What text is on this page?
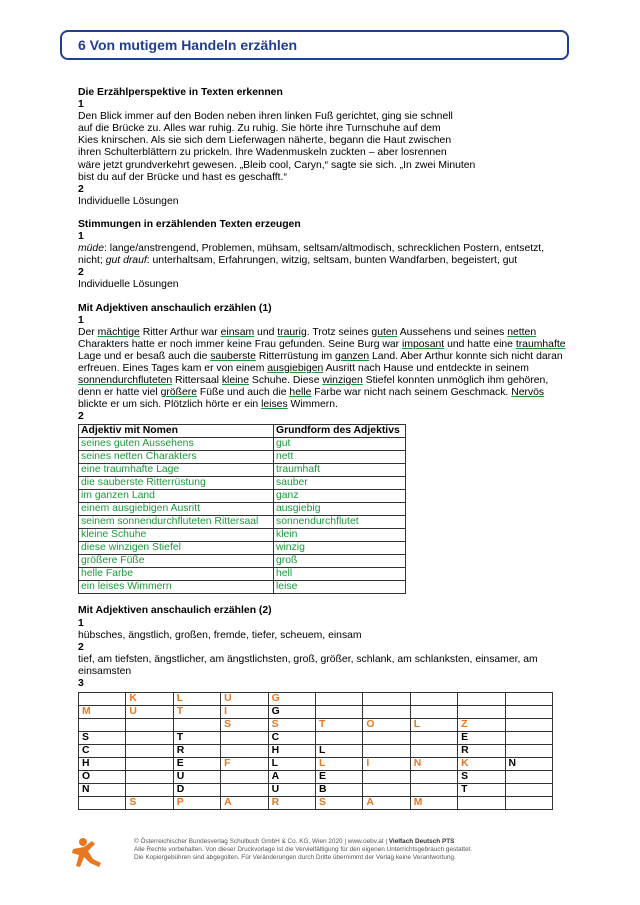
6 Von mutigem Handeln erzählen
Die Erzählperspektive in Texten erkennen
1

Den Blick immer auf den Boden neben ihren linken Fuß gerichtet, ging sie schnell

auf die Brücke zu. Alles war ruhig. Zu ruhig. Sie hörte ihre Turnschuhe auf dem

Kies knirschen. Als sie sich dem Lieferwagen näherte, begann die Haut zwischen

ihren Schulterblättern zu prickeln. Ihre Wadenmuskeln zuckten – aber losrennen

wäre jetzt grundverkehrt gewesen. „Bleib cool, Caryn,“ sagte sie sich. „In zwei Minuten

bist du auf der Brücke und hast es geschafft.“

2
Individuelle Lösungen
Stimmungen in erzählenden Texten erzeugen
1
müde: lange/anstrengend, Problemen, mühsam, seltsam/altmodisch, schrecklichen Postern, entsetzt,
nicht; gut drauf: unterhaltsam, Erfahrungen, witzig, seltsam, bunten Wandfarben, begeistert, gut
2
Individuelle Lösungen
Mit Adjektiven anschaulich erzählen (1)
1
Der mächtige Ritter Arthur war einsam und traurig. Trotz seines guten Aussehens und seines netten Charakters hatte er noch immer keine Frau gefunden. Seine Burg war imposant und hatte eine traumhafte Lage und er besaß auch die sauberste Ritterrüstung im ganzen Land. Aber Arthur konnte sich nicht daran erfreuen. Eines Tages kam er von einem ausgiebigen Ausritt nach Hause und entdeckte in seinem sonnendurchfluteten Rittersaal kleine Schuhe. Diese winzigen Stiefel konnten unmöglich ihm gehören, denn er hatte viel größere Füße und auch die helle Farbe war nicht nach seinem Geschmack. Nervös blickte er um sich. Plötzlich hörte er ein leises Wimmern.
2
Adjektiv mit Nomen	Grundform des Adjektivs
seines guten Aussehens	gut
seines netten Charakters	nett
eine traumhafte Lage	traumhaft
die sauberste Ritterrüstung	sauber
im ganzen Land	ganz
einem ausgiebigen Ausritt	ausgiebig
seinem sonnendurchfluteten Rittersaal	sonnendurchflutet
kleine Schuhe	klein
diese winzigen Stiefel	winzig
größere Füße	groß
helle Farbe	hell
ein leises Wimmern	leise
Mit Adjektiven anschaulich erzählen (2)
1
hübsches, ängstlich, großen, fremde, tiefer, scheuem, einsam
2
tief, am tiefsten, ängstlicher, am ängstlichsten, groß, größer, schlank, am schlanksten, einsamer, am
einsamsten
3
	K	L	U	G					
M	U	T	I	G					
			S	S	T	O	L	Z	
S		T		C				E	
C		R		H	L			R	
H		E	F	L	L	I	N	K	N
Ö		U		A	E			S	
N		D		U	B			T	
	S	P	A	R	S	A	M		
© Österreichischer Bundesverlag Schulbuch GmbH & Co. KG, Wien 2020 | www.oebv.at | Vielfach Deutsch PTS
Alle Rechte vorbehalten. Von dieser Druckvorlage ist die Vervielfältigung für den eigenen Unterrichtsgebrauch gestattet.
Die Kopiergebühren sind abgegolten. Für Veränderungen durch Dritte übernimmt der Verlag keine Verantwortung.
